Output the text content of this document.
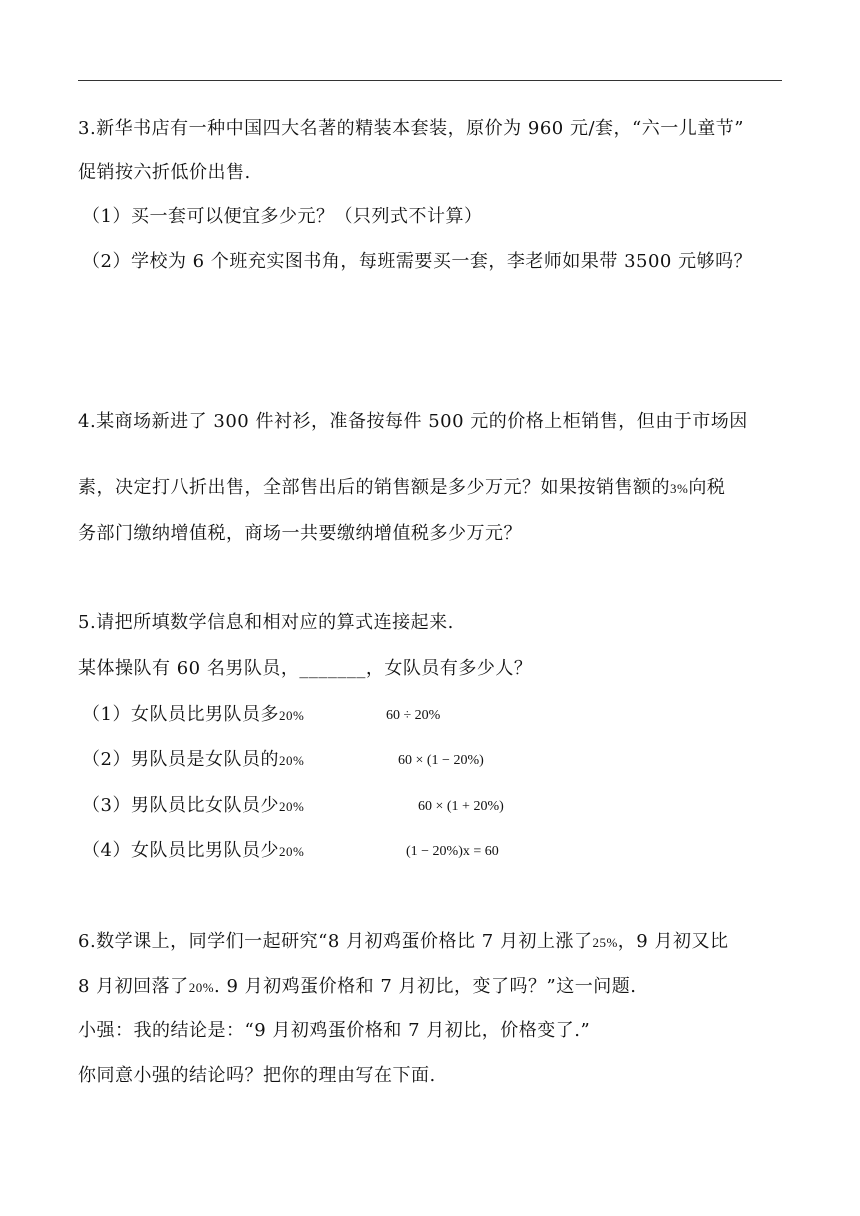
3.新华书店有一种中国四大名著的精装本套装，原价为 960 元/套，“六一儿童节”
促销按六折低价出售.
（1）买一套可以便宜多少元？（只列式不计算）
（2）学校为 6 个班充实图书角，每班需要买一套，李老师如果带 3500 元够吗？
4.某商场新进了 300 件衬衫，准备按每件 500 元的价格上柜销售，但由于市场因
素，决定打八折出售，全部售出后的销售额是多少万元？如果按销售额的3%向税
务部门缴纳增值税，商场一共要缴纳增值税多少万元？
5.请把所填数学信息和相对应的算式连接起来.
某体操队有 60 名男队员，_______，女队员有多少人？
（1）女队员比男队员多20%	60 ÷ 20%
（2）男队员是女队员的20%	60 × (1 − 20%)
（3）男队员比女队员少20%	60 × (1 + 20%)
（4）女队员比男队员少20%	(1 − 20%)x = 60
6.数学课上，同学们一起研究“8 月初鸡蛋价格比 7 月初上涨了25%，9 月初又比
8 月初回落了20%. 9 月初鸡蛋价格和 7 月初比，变了吗？”这一问题.
小强：我的结论是：“9 月初鸡蛋价格和 7 月初比，价格变了.”
你同意小强的结论吗？把你的理由写在下面.
